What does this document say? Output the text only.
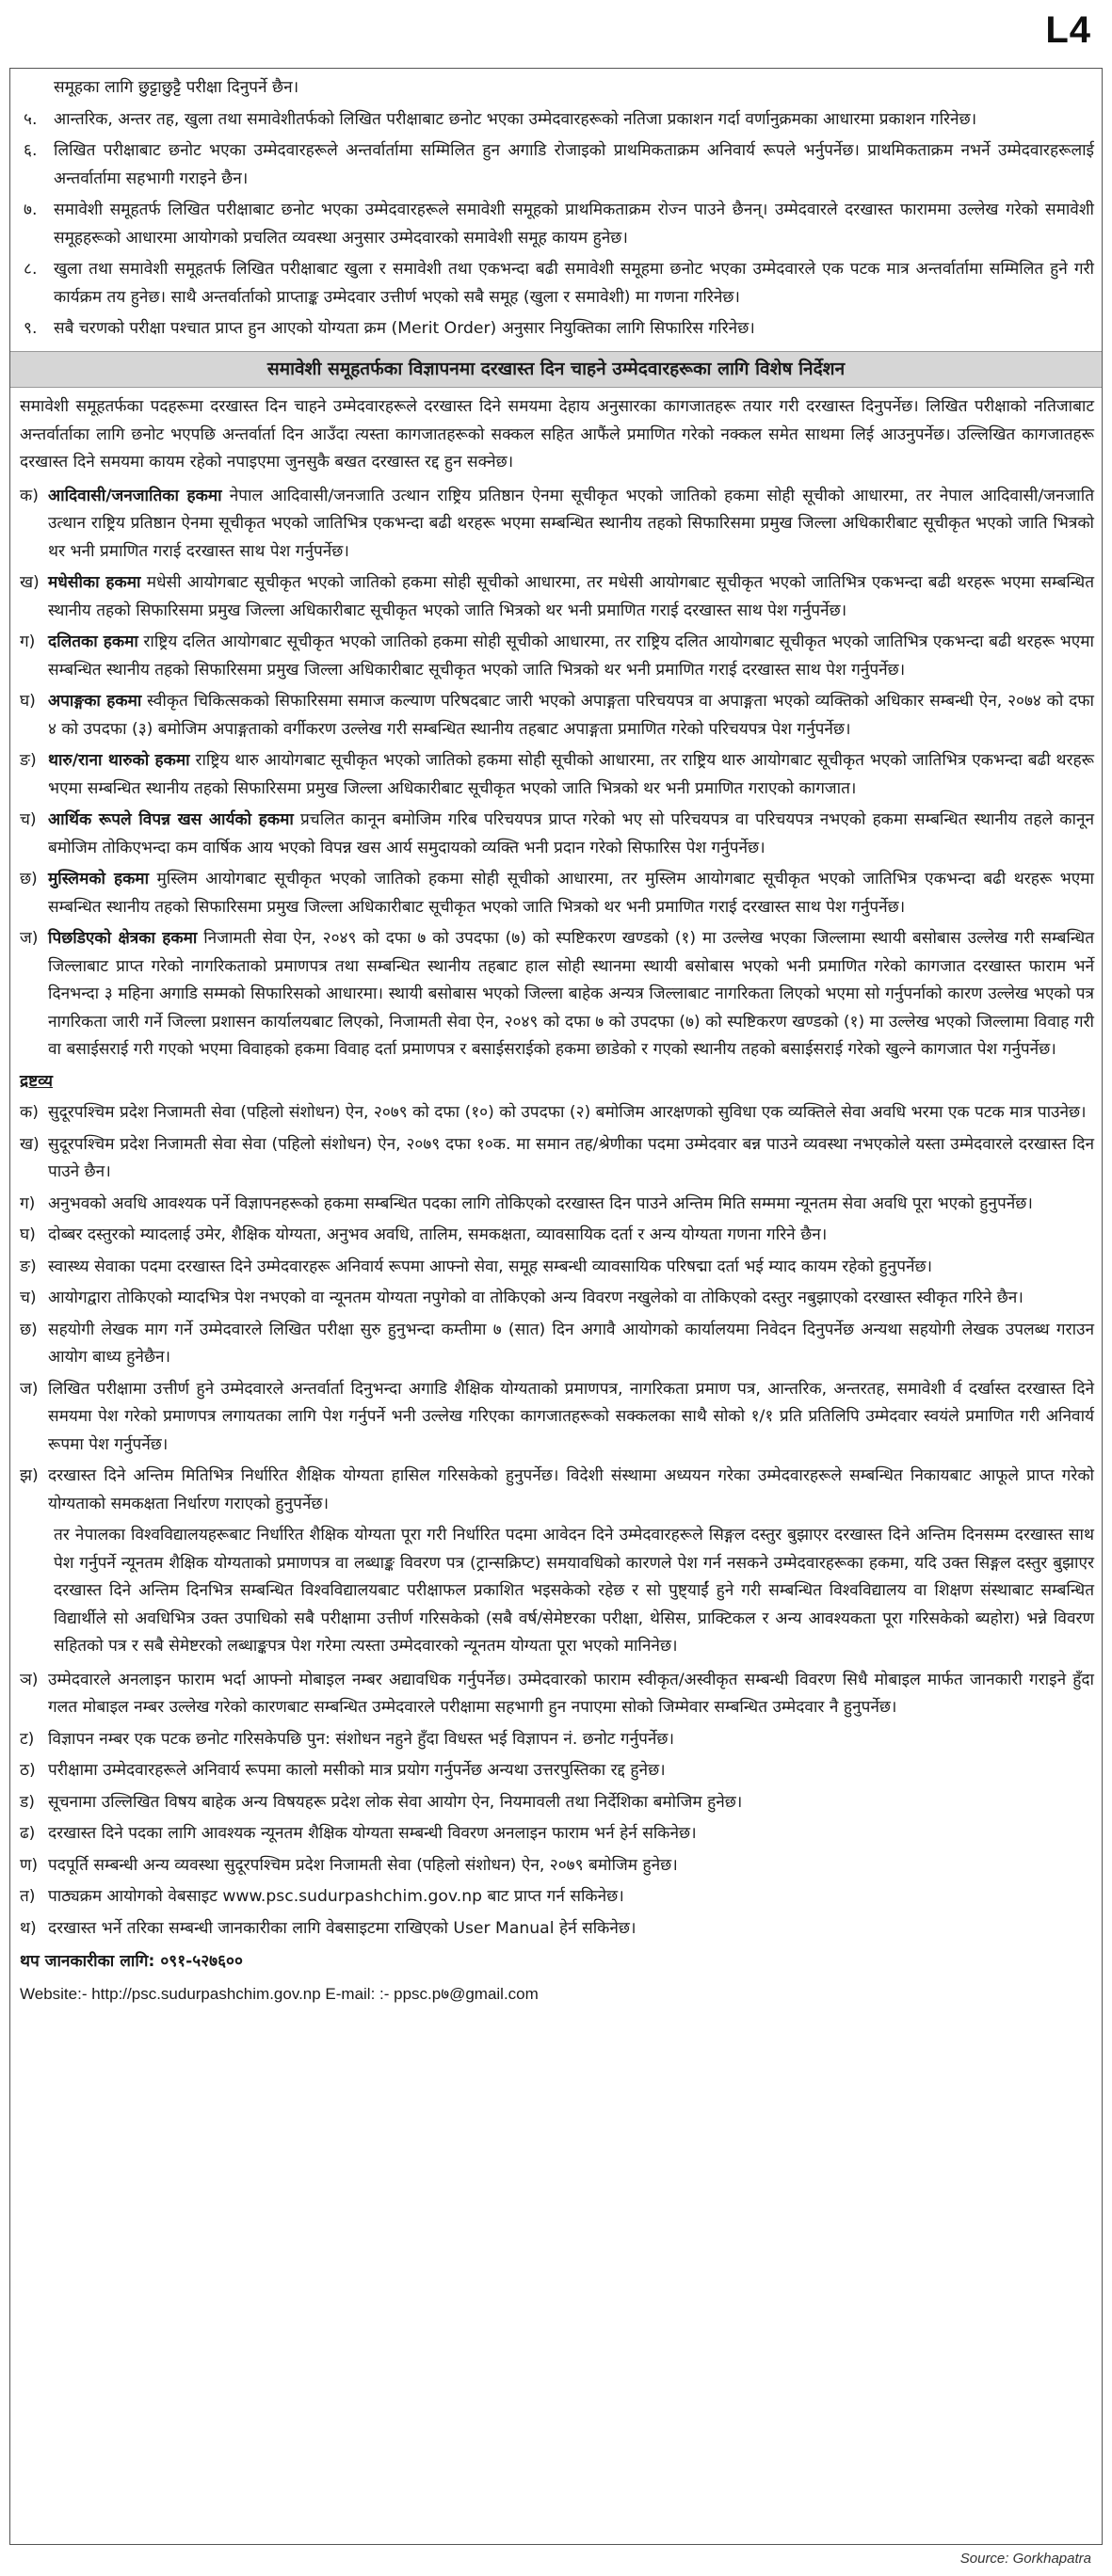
L4
समूहका लागि छुट्टाछुट्टै परीक्षा दिनुपर्ने छैन।
५.	आन्तरिक, अन्तर तह, खुला तथा समावेशीतर्फको लिखित परीक्षाबाट छनोट भएका उम्मेदवारहरूको नतिजा प्रकाशन गर्दा वर्णानुक्रमका आधारमा प्रकाशन गरिनेछ।
६.	लिखित परीक्षाबाट छनोट भएका उम्मेदवारहरूले अन्तर्वार्तामा सम्मिलित हुन अगाडि रोजाइको प्राथमिकताक्रम अनिवार्य रूपले भर्नुपर्नेछ। प्राथमिकताक्रम नभर्ने उम्मेदवारहरूलाई अन्तर्वार्तामा सहभागी गराइने छैन।
७.	समावेशी समूहतर्फ लिखित परीक्षाबाट छनोट भएका उम्मेदवारहरूले समावेशी समूहको प्राथमिकताक्रम रोज्न पाउने छैनन्। उम्मेदवारले दरखास्त फाराममा उल्लेख गरेको समावेशी समूहहरूको आधारमा आयोगको प्रचलित व्यवस्था अनुसार उम्मेदवारको समावेशी समूह कायम हुनेछ।
८.	खुला तथा समावेशी समूहतर्फ लिखित परीक्षाबाट खुला र समावेशी तथा एकभन्दा बढी समावेशी समूहमा छनोट भएका उम्मेदवारले एक पटक मात्र अन्तर्वार्तामा सम्मिलित हुने गरी कार्यक्रम तय हुनेछ। साथै अन्तर्वार्ताको प्राप्ताङ्क उम्मेदवार उत्तीर्ण भएको सबै समूह (खुला र समावेशी) मा गणना गरिनेछ।
९.	सबै चरणको परीक्षा पश्चात प्राप्त हुन आएको योग्यता क्रम (Merit Order) अनुसार नियुक्तिका लागि सिफारिस गरिनेछ।
समावेशी समूहतर्फका विज्ञापनमा दरखास्त दिन चाहने उम्मेदवारहरूका लागि विशेष निर्देशन
समावेशी समूहतर्फका पदहरूमा दरखास्त दिन चाहने उम्मेदवारहरूले दरखास्त दिने समयमा देहाय अनुसारका कागजातहरू तयार गरी दरखास्त दिनुपर्नेछ। लिखित परीक्षाको नतिजाबाट अन्तर्वार्ताका लागि छनोट भएपछि अन्तर्वार्ता दिन आउँदा त्यस्ता कागजातहरूको सक्कल सहित आफैंले प्रमाणित गरेको नक्कल समेत साथमा लिई आउनुपर्नेछ। उल्लिखित कागजातहरू दरखास्त दिने समयमा कायम रहेको नपाइएमा जुनसुकै बखत दरखास्त रद्द हुन सक्नेछ।
क) आदिवासी/जनजातिका हकमा नेपाल आदिवासी/जनजाति उत्थान राष्ट्रिय प्रतिष्ठान ऐनमा सूचीकृत भएको जातिको हकमा सोही सूचीको आधारमा, तर नेपाल आदिवासी/जनजाति उत्थान राष्ट्रिय प्रतिष्ठान ऐनमा सूचीकृत भएको जातिभित्र एकभन्दा बढी थरहरू भएमा सम्बन्धित स्थानीय तहको सिफारिसमा प्रमुख जिल्ला अधिकारीबाट सूचीकृत भएको जाति भित्रको थर भनी प्रमाणित गराई दरखास्त साथ पेश गर्नुपर्नेछ।
ख) मधेसीका हकमा मधेसी आयोगबाट सूचीकृत भएको जातिको हकमा सोही सूचीको आधारमा, तर मधेसी आयोगबाट सूचीकृत भएको जातिभित्र एकभन्दा बढी थरहरू भएमा सम्बन्धित स्थानीय तहको सिफारिसमा प्रमुख जिल्ला अधिकारीबाट सूचीकृत भएको जाति भित्रको थर भनी प्रमाणित गराई दरखास्त साथ पेश गर्नुपर्नेछ।
ग) दलितका हकमा राष्ट्रिय दलित आयोगबाट सूचीकृत भएको जातिको हकमा सोही सूचीको आधारमा, तर राष्ट्रिय दलित आयोगबाट सूचीकृत भएको जातिभित्र एकभन्दा बढी थरहरू भएमा सम्बन्धित स्थानीय तहको सिफारिसमा प्रमुख जिल्ला अधिकारीबाट सूचीकृत भएको जाति भित्रको थर भनी प्रमाणित गराई दरखास्त साथ पेश गर्नुपर्नेछ।
घ) अपाङ्गका हकमा स्वीकृत चिकित्सकको सिफारिसमा समाज कल्याण परिषदबाट जारी भएको अपाङ्गता परिचयपत्र वा अपाङ्गता भएको व्यक्तिको अधिकार सम्बन्धी ऐन, २०७४ को दफा ४ को उपदफा (३) बमोजिम अपाङ्गताको वर्गीकरण उल्लेख गरी सम्बन्धित स्थानीय तहबाट अपाङ्गता प्रमाणित गरेको परिचयपत्र पेश गर्नुपर्नेछ।
ङ) थारु/राना थारुको हकमा राष्ट्रिय थारु आयोगबाट सूचीकृत भएको जातिको हकमा सोही सूचीको आधारमा, तर राष्ट्रिय थारु आयोगबाट सूचीकृत भएको जातिभित्र एकभन्दा बढी थरहरू भएमा सम्बन्धित स्थानीय तहको सिफारिसमा प्रमुख जिल्ला अधिकारीबाट सूचीकृत भएको जाति भित्रको थर भनी प्रमाणित गराएको कागजात।
च) आर्थिक रूपले विपन्न खस आर्यको हकमा प्रचलित कानून बमोजिम गरिब परिचयपत्र प्राप्त गरेको भए सो परिचयपत्र वा परिचयपत्र नभएको हकमा सम्बन्धित स्थानीय तहले कानून बमोजिम तोकिएभन्दा कम वार्षिक आय भएको विपन्न खस आर्य समुदायको व्यक्ति भनी प्रदान गरेको सिफारिस पेश गर्नुपर्नेछ।
छ) मुस्लिमको हकमा मुस्लिम आयोगबाट सूचीकृत भएको जातिको हकमा सोही सूचीको आधारमा, तर मुस्लिम आयोगबाट सूचीकृत भएको जातिभित्र एकभन्दा बढी थरहरू भएमा सम्बन्धित स्थानीय तहको सिफारिसमा प्रमुख जिल्ला अधिकारीबाट सूचीकृत भएको जाति भित्रको थर भनी प्रमाणित गराई दरखास्त साथ पेश गर्नुपर्नेछ।
ज) पिछडिएको क्षेत्रका हकमा निजामती सेवा ऐन, २०४९ को दफा ७ को उपदफा (७) को स्पष्टिकरण खण्डको (१) मा उल्लेख भएका जिल्लामा स्थायी बसोबास उल्लेख गरी सम्बन्धित जिल्लाबाट प्राप्त गरेको नागरिकताको प्रमाणपत्र तथा सम्बन्धित स्थानीय तहबाट हाल सोही स्थानमा स्थायी बसोबास भएको भनी प्रमाणित गरेको कागजात दरखास्त फाराम भर्ने दिनभन्दा ३ महिना अगाडि सम्मको सिफारिसको आधारमा। स्थायी बसोबास भएको जिल्ला बाहेक अन्यत्र जिल्लाबाट नागरिकता लिएको भएमा सो गर्नुपर्नाको कारण उल्लेख भएको पत्र नागरिकता जारी गर्ने जिल्ला प्रशासन कार्यालयबाट लिएको, निजामती सेवा ऐन, २०४९ को दफा ७ को उपदफा (७) को स्पष्टिकरण खण्डको (१) मा उल्लेख भएको जिल्लामा विवाह गरी वा बसाईसराई गरी गएको भएमा विवाहको हकमा विवाह दर्ता प्रमाणपत्र र बसाईसराईको हकमा छाडेको र गएको स्थानीय तहको बसाईसराई गरेको खुल्ने कागजात पेश गर्नुपर्नेछ।
द्रष्टव्य
क) सुदूरपश्चिम प्रदेश निजामती सेवा (पहिलो संशोधन) ऐन, २०७९ को दफा (१०) को उपदफा (२) बमोजिम आरक्षणको सुविधा एक व्यक्तिले सेवा अवधि भरमा एक पटक मात्र पाउनेछ।
ख) सुदूरपश्चिम प्रदेश निजामती सेवा सेवा (पहिलो संशोधन) ऐन, २०७९ दफा १०क. मा समान तह/श्रेणीका पदमा उम्मेदवार बन्न पाउने व्यवस्था नभएकोले यस्ता उम्मेदवारले दरखास्त दिन पाउने छैन।
ग) अनुभवको अवधि आवश्यक पर्ने विज्ञापनहरूको हकमा सम्बन्धित पदका लागि तोकिएको दरखास्त दिन पाउने अन्तिम मिति सम्ममा न्यूनतम सेवा अवधि पूरा भएको हुनुपर्नेछ।
घ) दोब्बर दस्तुरको म्यादलाई उमेर, शैक्षिक योग्यता, अनुभव अवधि, तालिम, समकक्षता, व्यावसायिक दर्ता र अन्य योग्यता गणना गरिने छैन।
ङ) स्वास्थ्य सेवाका पदमा दरखास्त दिने उम्मेदवारहरू अनिवार्य रूपमा आफ्नो सेवा, समूह सम्बन्धी व्यावसायिक परिषद्मा दर्ता भई म्याद कायम रहेको हुनुपर्नेछ।
च) आयोगद्वारा तोकिएको म्यादभित्र पेश नभएको वा न्यूनतम योग्यता नपुगेको वा तोकिएको अन्य विवरण नखुलेको वा तोकिएको दस्तुर नबुझाएको दरखास्त स्वीकृत गरिने छैन।
छ) सहयोगी लेखक माग गर्ने उम्मेदवारले लिखित परीक्षा सुरु हुनुभन्दा कम्तीमा ७ (सात) दिन अगावै आयोगको कार्यालयमा निवेदन दिनुपर्नेछ अन्यथा सहयोगी लेखक उपलब्ध गराउन आयोग बाध्य हुनेछैन।
ज) लिखित परीक्षामा उत्तीर्ण हुने उम्मेदवारले अन्तर्वार्ता दिनुभन्दा अगाडि शैक्षिक योग्यताको प्रमाणपत्र, नागरिकता प्रमाण पत्र, आन्तरिक, अन्तरतह, समावेशी र्व दर्खास्त दरखास्त दिने समयमा पेश गरेको प्रमाणपत्र लगायतका लागि पेश गर्नुपर्ने भनी उल्लेख गरिएका कागजातहरूको सक्कलका साथै सोको १/१ प्रति प्रतिलिपि उम्मेदवार स्वयंले प्रमाणित गरी अनिवार्य रूपमा पेश गर्नुपर्नेछ।
झ) दरखास्त दिने अन्तिम मितिभित्र निर्धारित शैक्षिक योग्यता हासिल गरिसकेको हुनुपर्नेछ। विदेशी संस्थामा अध्ययन गरेका उम्मेदवारहरूले सम्बन्धित निकायबाट आफूले प्राप्त गरेको योग्यताको समकक्षता निर्धारण गराएको हुनुपर्नेछ।
तर नेपालका विश्वविद्यालयहरूबाट निर्धारित शैक्षिक योग्यता पूरा गरी निर्धारित पदमा आवेदन दिने उम्मेदवारहरूले सिङ्गल दस्तुर बुझाएर दरखास्त दिने अन्तिम दिनसम्म दरखास्त साथ पेश गर्नुपर्ने न्यूनतम शैक्षिक योग्यताको प्रमाणपत्र वा लब्धाङ्क विवरण पत्र (ट्रान्सक्रिप्ट) समयावधिको कारणले पेश गर्न नसकने उम्मेदवारहरूका हकमा, यदि उक्त सिङ्गल दस्तुर बुझाएर दरखास्त दिने अन्तिम दिनभित्र सम्बन्धित विश्वविद्यालयबाट परीक्षाफल प्रकाशित भइसकेको रहेछ र सो पुष्ट्याईं हुने गरी सम्बन्धित विश्वविद्यालय वा शिक्षण संस्थाबाट सम्बन्धित विद्यार्थीले सो अवधिभित्र उक्त उपाधिको सबै परीक्षामा उत्तीर्ण गरिसकेको (सबै वर्ष/सेमेष्टरका परीक्षा, थेसिस, प्राक्टिकल र अन्य आवश्यकता पूरा गरिसकेको ब्यहोरा) भन्ने विवरण सहितको पत्र र सबै सेमेष्टरको लब्धाङ्कपत्र पेश गरेमा त्यस्ता उम्मेदवारको न्यूनतम योग्यता पूरा भएको मानिनेछ।
ञ) उम्मेदवारले अनलाइन फाराम भर्दा आफ्नो मोबाइल नम्बर अद्यावधिक गर्नुपर्नेछ। उम्मेदवारको फाराम स्वीकृत/अस्वीकृत सम्बन्धी विवरण सिधै मोबाइल मार्फत जानकारी गराइने हुँदा गलत मोबाइल नम्बर उल्लेख गरेको कारणबाट सम्बन्धित उम्मेदवारले परीक्षामा सहभागी हुन नपाएमा सोको जिम्मेवार सम्बन्धित उम्मेदवार नै हुनुपर्नेछ।
ट) विज्ञापन नम्बर एक पटक छनोट गरिसकेपछि पुन: संशोधन नहुने हुँदा विधस्त भई विज्ञापन नं. छनोट गर्नुपर्नेछ।
ठ) परीक्षामा उम्मेदवारहरूले अनिवार्य रूपमा कालो मसीको मात्र प्रयोग गर्नुपर्नेछ अन्यथा उत्तरपुस्तिका रद्द हुनेछ।
ड) सूचनामा उल्लिखित विषय बाहेक अन्य विषयहरू प्रदेश लोक सेवा आयोग ऐन, नियमावली तथा निर्देशिका बमोजिम हुनेछ।
ढ) दरखास्त दिने पदका लागि आवश्यक न्यूनतम शैक्षिक योग्यता सम्बन्धी विवरण अनलाइन फाराम भर्न हेर्न सकिनेछ।
ण) पदपूर्ति सम्बन्धी अन्य व्यवस्था सुदूरपश्चिम प्रदेश निजामती सेवा (पहिलो संशोधन) ऐन, २०७९ बमोजिम हुनेछ।
त) पाठ्यक्रम आयोगको वेबसाइट www.psc.sudurpashchim.gov.np बाट प्राप्त गर्न सकिनेछ।
थ) दरखास्त भर्ने तरिका सम्बन्धी जानकारीका लागि वेबसाइटमा राखिएको User Manual हेर्न सकिनेछ।
थप जानकारीका लागि: ०९१-५२७६००
Website:- http://psc.sudurpashchim.gov.np E-mail: :- ppsc.p७@gmail.com
Source: Gorkhapatra
